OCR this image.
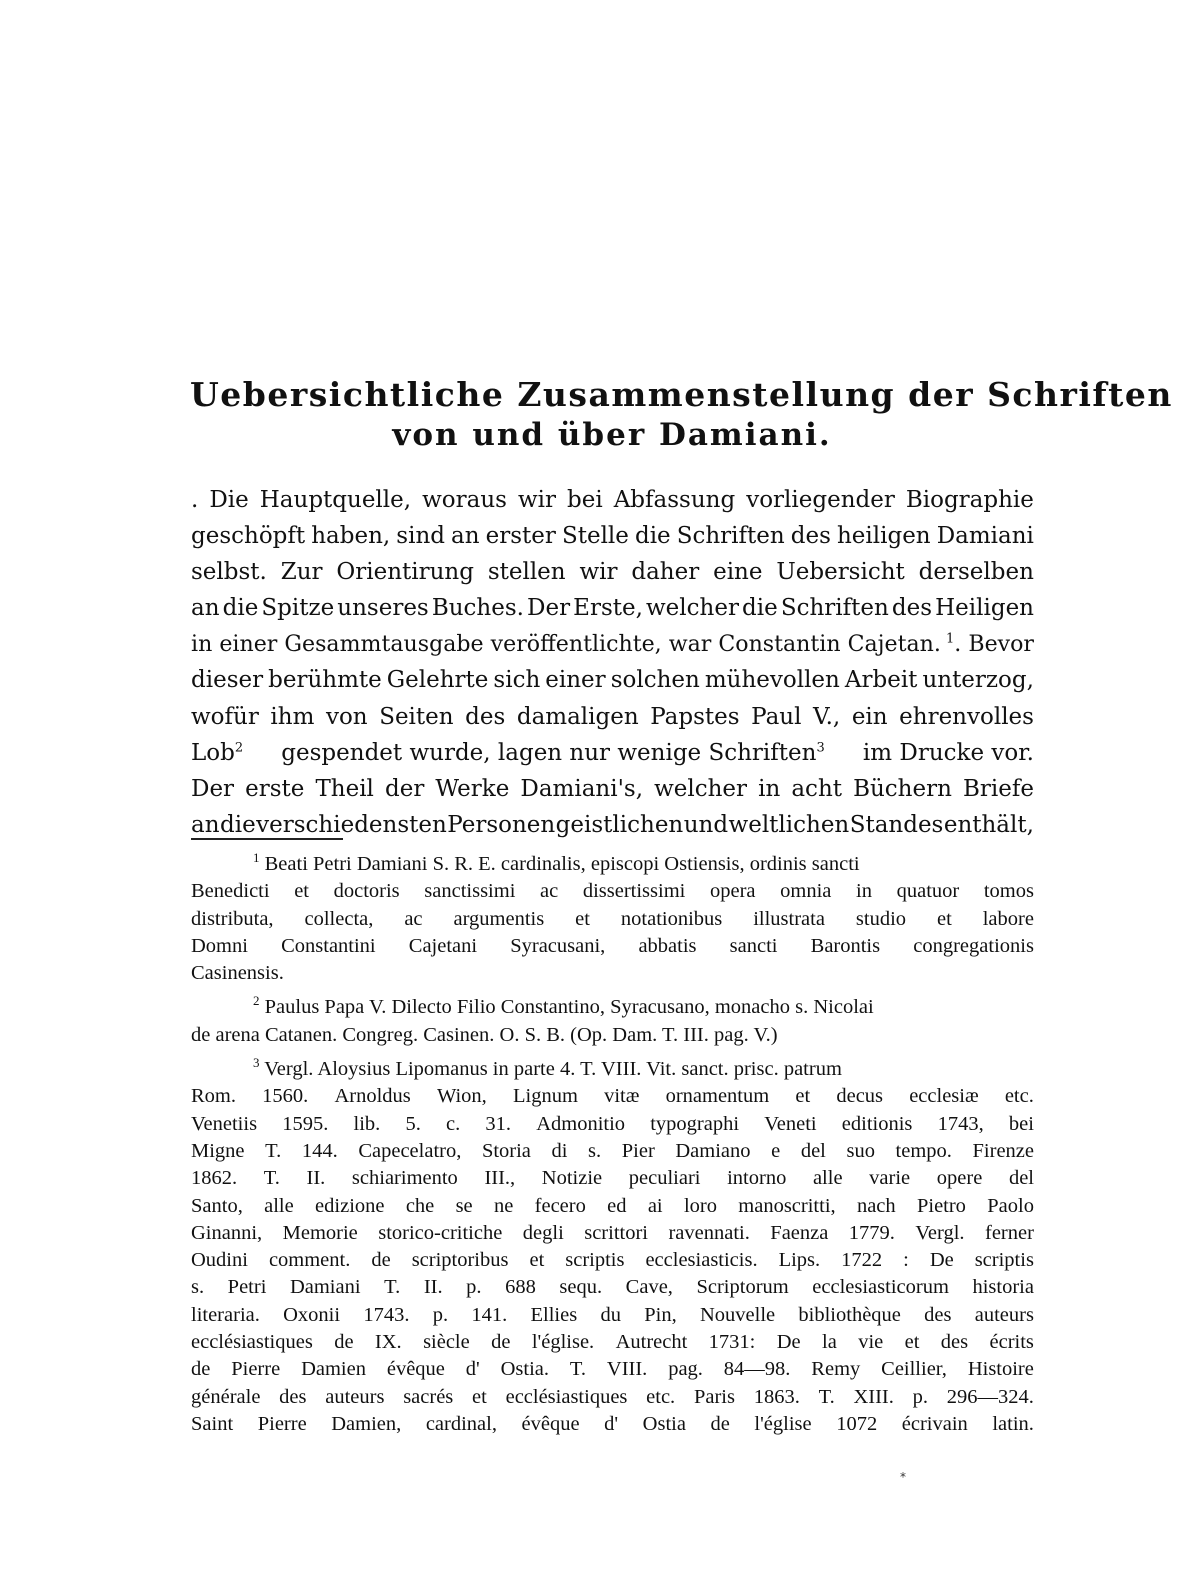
Uebersichtliche Zusammenstellung der Schriften
von und über Damiani.
. Die Hauptquelle, woraus wir bei Abfassung vorliegender Biographie
geschöpft haben, sind an erster Stelle die Schriften des heiligen Damiani
selbst. Zur Orientirung stellen wir daher eine Uebersicht derselben
an die Spitze unseres Buches. Der Erste, welcher die Schriften des Heiligen
in einer Gesammtausgabe veröffentlichte, war Constantin Cajetan. $^1$. Bevor
dieser berühmte Gelehrte sich einer solchen mühevollen Arbeit unterzog,
wofür ihm von Seiten des damaligen Papstes Paul V., ein ehrenvolles
Lob$^2$ gespendet wurde, lagen nur wenige Schriften$^3$ im Drucke vor.
Der erste Theil der Werke Damiani's, welcher in acht Büchern Briefe
an die verschiedensten Personen geistlichen und weltlichen Standes enthält,
$^1$ Beati Petri Damiani S. R. E. cardinalis, episcopi Ostiensis, ordinis sancti
Benedicti et doctoris sanctissimi ac dissertissimi opera omnia in quatuor tomos
distributa, collecta, ac argumentis et notationibus illustrata studio et labore
Domni Constantini Cajetani Syracusani, abbatis sancti Barontis congregationis
Casinensis.
$^2$ Paulus Papa V. Dilecto Filio Constantino, Syracusano, monacho s. Nicolai
de arena Catanen. Congreg. Casinen. O. S. B. (Op. Dam. T. III. pag. V.)
$^3$ Vergl. Aloysius Lipomanus in parte 4. T. VIII. Vit. sanct. prisc. patrum
Rom. 1560. Arnoldus Wion, Lignum vitæ ornamentum et decus ecclesiæ etc.
Venetiis 1595. lib. 5. c. 31. Admonitio typographi Veneti editionis 1743, bei
Migne T. 144. Capecelatro, Storia di s. Pier Damiano e del suo tempo. Firenze
1862. T. II. schiarimento III., Notizie peculiari intorno alle varie opere del
Santo, alle edizione che se ne fecero ed ai loro manoscritti, nach Pietro Paolo
Ginanni, Memorie storico-critiche degli scrittori ravennati. Faenza 1779. Vergl. ferner
Oudini comment. de scriptoribus et scriptis ecclesiasticis. Lips. 1722 : De scriptis
s. Petri Damiani T. II. p. 688 sequ. Cave, Scriptorum ecclesiasticorum historia
literaria. Oxonii 1743. p. 141. Ellies du Pin, Nouvelle bibliothèque des auteurs
ecclésiastiques de IX. siècle de l'église. Autrecht 1731: De la vie et des écrits
de Pierre Damien évêque d' Ostia. T. VIII. pag. 84—98. Remy Ceillier, Histoire
générale des auteurs sacrés et ecclésiastiques etc. Paris 1863. T. XIII. p. 296—324.
Saint Pierre Damien, cardinal, évêque d' Ostia de l'église 1072 écrivain latin.
*
